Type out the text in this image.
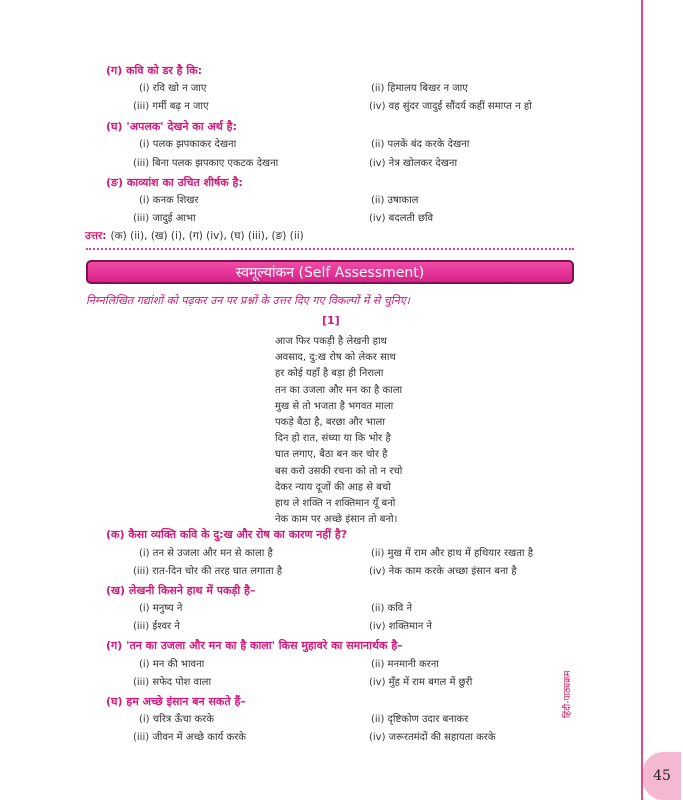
हिंदी-पाठ्यक्रम
45
(ग) कवि को डर है कि:
(i) रवि खो न जाए	(ii) हिमालय बिखर न जाए
(iii) गर्मी बढ़ न जाए	(iv) वह सुंदर जादुई सौंदर्य कहीं समाप्त न हो
(घ) 'अपलक' देखने का अर्थ है:
(i) पलक झपकाकर देखना	(ii) पलकें बंद करके देखना
(iii) बिना पलक झपकाए एकटक देखना	(iv) नेत्र खोलकर देखना
(ङ) काव्यांश का उचित शीर्षक है:
(i) कनक शिखर	(ii) उषाकाल
(iii) जादुई आभा	(iv) बदलती छवि
उत्तर: (क) (ii), (ख) (i), (ग) (iv), (घ) (iii), (ङ) (ii)
स्वमूल्यांकन (Self Assessment)
निम्नलिखित गद्यांशों को पढ़कर उन पर प्रश्नों के उत्तर दिए गए विकल्पों में से चुनिए।
[1]
आज फिर पकड़ी है लेखनी हाथ
अवसाद, दु:ख रोष को लेकर साथ
हर कोई यहाँ है बड़ा ही निराला
तन का उजला और मन का है काला
मुख से तो भजता है भगवत माला
पकड़े बैठा है, बरछा और भाला
दिन हो रात, संध्या या कि भोर है
घात लगाए, बैठा बन कर चोर है
बस करो उसकी रचना को तो न रचो
देकर न्याय दूजों की आह से बचो
हाथ ले शक्ति न शक्तिमान यूँ बनो
नेक काम पर अच्छे इंसान तो बनो।
(क) कैसा व्यक्ति कवि के दु:ख और रोष का कारण नहीं है?
(i) तन से उजला और मन से काला है	(ii) मुख में राम और हाथ में हथियार रखता है
(iii) रात-दिन चोर की तरह घात लगाता है	(iv) नेक काम करके अच्छा इंसान बना है
(ख) लेखनी किसने हाथ में पकड़ी है–
(i) मनुष्य ने	(ii) कवि ने
(iii) ईश्वर ने	(iv) शक्तिमान ने
(ग) 'तन का उजला और मन का है काला' किस मुहावरे का समानार्थक है–
(i) मन की भावना	(ii) मनमानी करना
(iii) सफेद पोश वाला	(iv) मुँह में राम बगल में छुरी
(घ) हम अच्छे इंसान बन सकते हैं–
(i) चरित्र ऊँचा करके	(ii) दृष्टिकोण उदार बनाकर
(iii) जीवन में अच्छे कार्य करके	(iv) जरूरतमंदों की सहायता करके
